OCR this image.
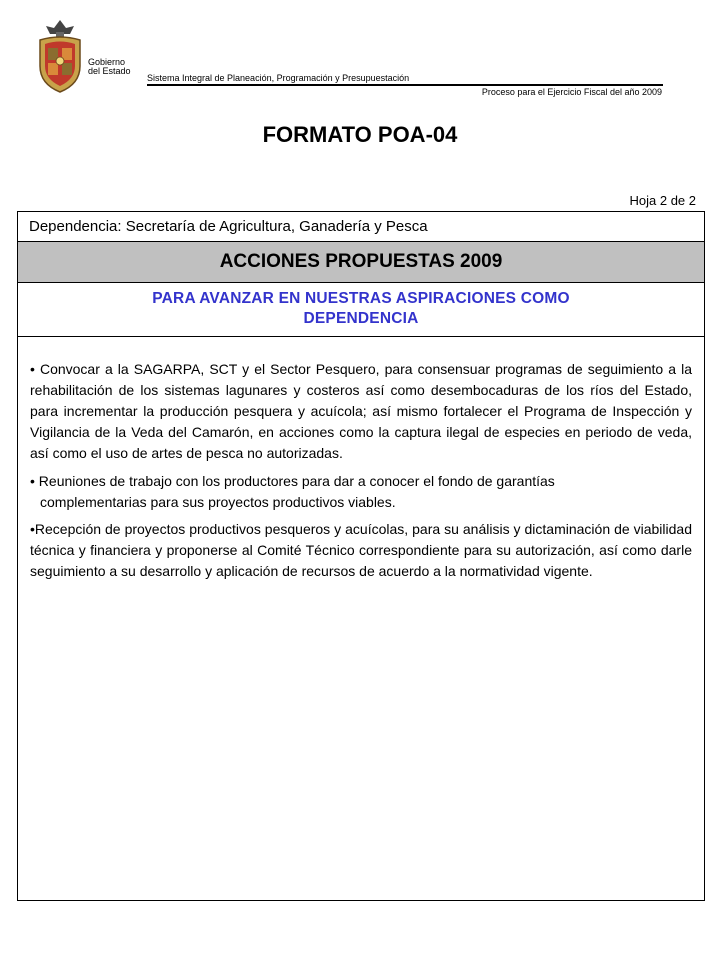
Gobierno
del Estado
Sistema Integral de Planeación, Programación y Presupuestación
Proceso para el Ejercicio Fiscal del año 2009
FORMATO POA-04
Hoja 2 de 2
Dependencia: Secretaría de Agricultura, Ganadería y Pesca
ACCIONES PROPUESTAS 2009
PARA AVANZAR EN NUESTRAS ASPIRACIONES COMO
DEPENDENCIA

• Convocar a la SAGARPA, SCT y el Sector Pesquero, para consensuar programas de seguimiento a la rehabilitación de los sistemas lagunares y costeros así como desembocaduras de los ríos del Estado, para incrementar la producción pesquera y acuícola; así mismo fortalecer el Programa de Inspección y Vigilancia de la Veda del Camarón, en acciones como la captura ilegal de especies en periodo de veda, así como el uso de artes de pesca no autorizadas.

• Reuniones de trabajo con los productores para dar a conocer el fondo de garantías

complementarias para sus proyectos productivos viables.

•Recepción de proyectos productivos pesqueros y acuícolas, para su análisis y dictaminación de viabilidad técnica y financiera y proponerse al Comité Técnico correspondiente para su autorización, así como darle seguimiento a su desarrollo y aplicación de recursos de acuerdo a la normatividad vigente.
